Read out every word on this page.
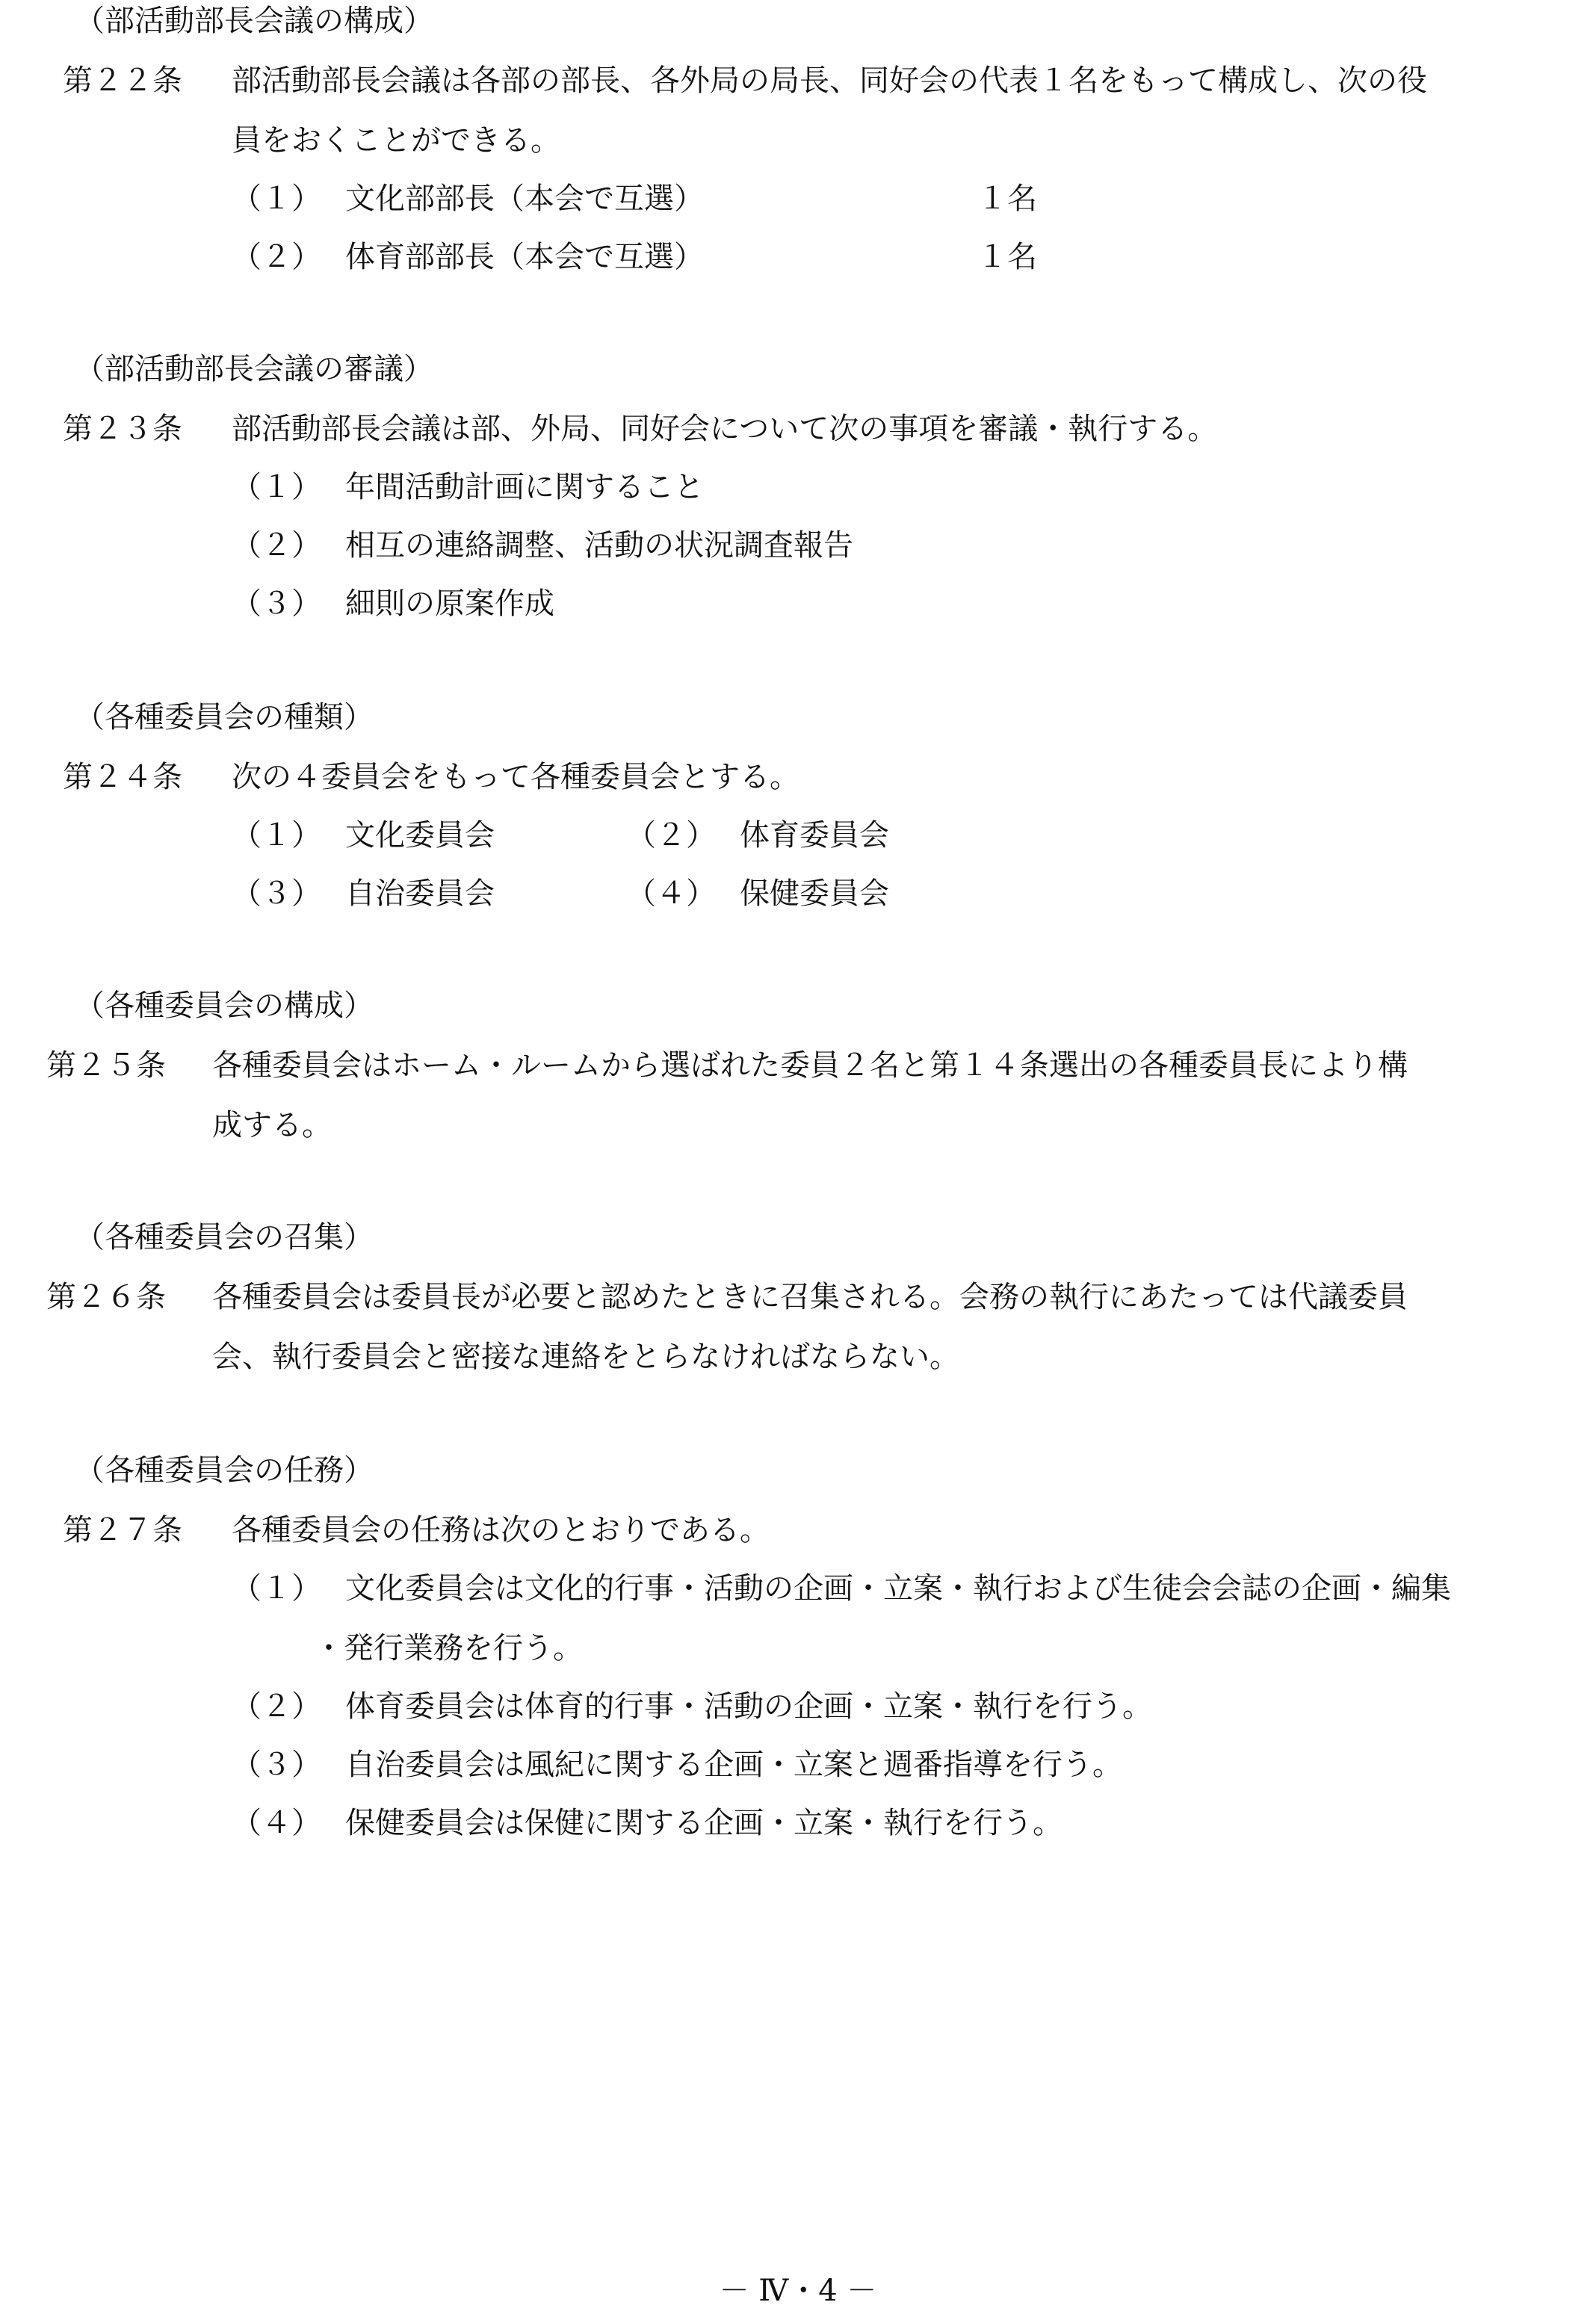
（部活動部長会議の構成）
第２２条 部活動部長会議は各部の部長、各外局の局長、同好会の代表１名をもって構成し、次の役
員をおくことができる。
（１） 文化部部長（本会で互選）	１名
（２） 体育部部長（本会で互選）	１名
（部活動部長会議の審議）
第２３条 部活動部長会議は部、外局、同好会について次の事項を審議・執行する。
（１） 年間活動計画に関すること
（２） 相互の連絡調整、活動の状況調査報告
（３） 細則の原案作成
（各種委員会の種類）
第２４条 次の４委員会をもって各種委員会とする。
（１） 文化委員会	（２） 体育委員会
（３） 自治委員会	（４） 保健委員会
（各種委員会の構成）
第２５条 各種委員会はホーム・ルームから選ばれた委員２名と第１４条選出の各種委員長により構
成する。
（各種委員会の召集）
第２６条 各種委員会は委員長が必要と認めたときに召集される。会務の執行にあたっては代議委員
会、執行委員会と密接な連絡をとらなければならない。
（各種委員会の任務）
第２７条 各種委員会の任務は次のとおりである。
（１） 文化委員会は文化的行事・活動の企画・立案・執行および生徒会会誌の企画・編集
・発行業務を行う。
（２） 体育委員会は体育的行事・活動の企画・立案・執行を行う。
（３） 自治委員会は風紀に関する企画・立案と週番指導を行う。
（４） 保健委員会は保健に関する企画・立案・執行を行う。
－ Ⅳ・4 －
